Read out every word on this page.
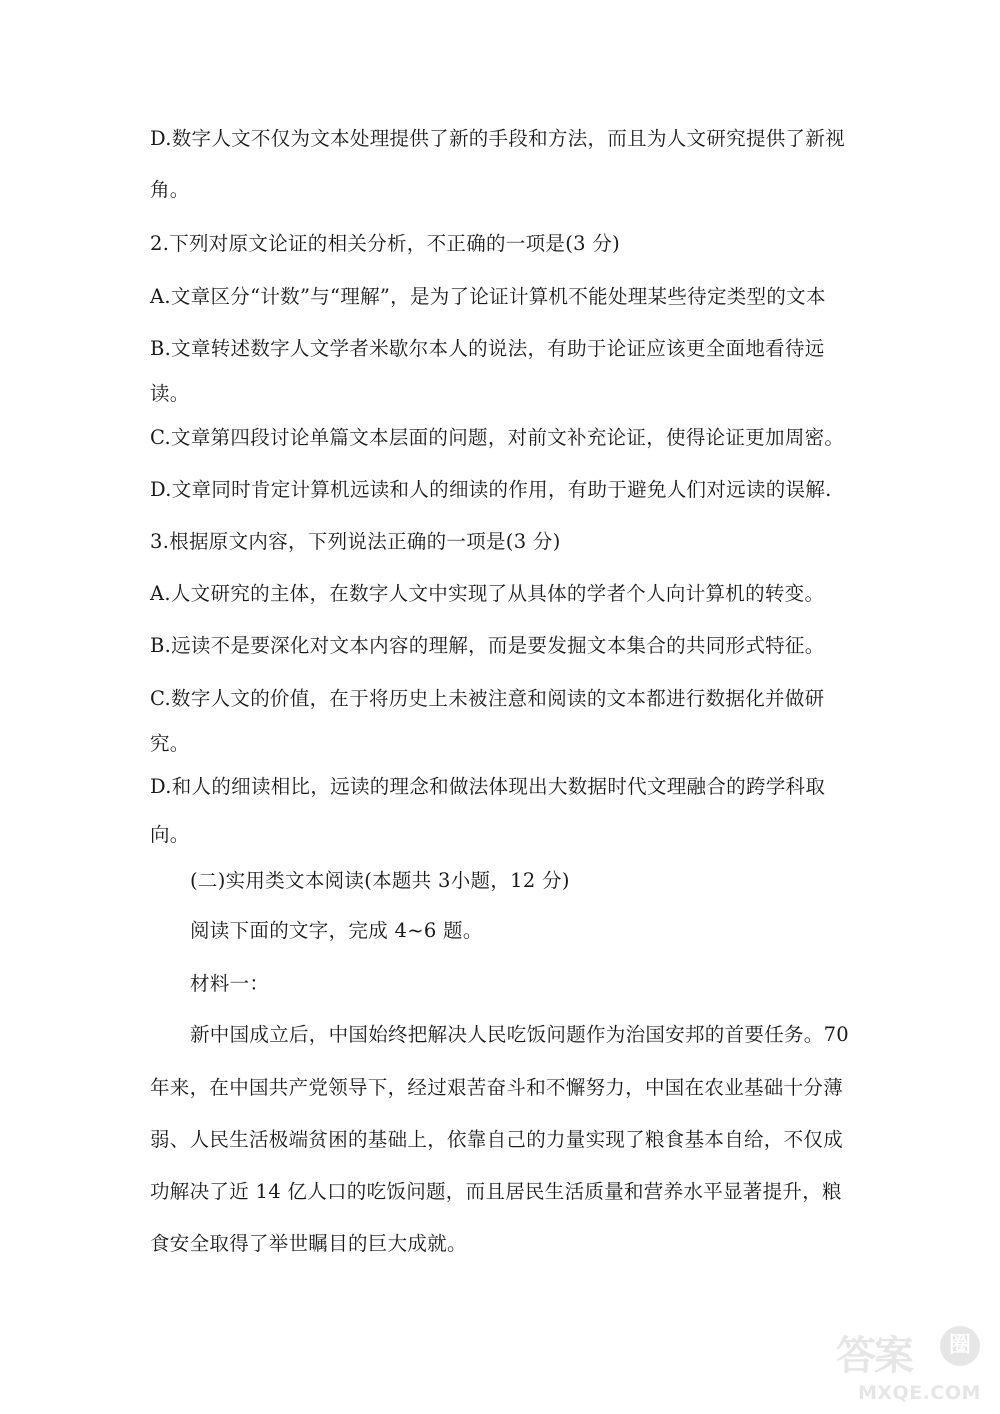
D.数字人文不仅为文本处理提供了新的手段和方法，而且为人文研究提供了新视
角。
2.下列对原文论证的相关分析，不正确的一项是(3 分)
A.文章区分“计数”与“理解”，是为了论证计算机不能处理某些待定类型的文本
B.文章转述数字人文学者米歇尔本人的说法，有助于论证应该更全面地看待远
读。
C.文章第四段讨论单篇文本层面的问题，对前文补充论证，使得论证更加周密。
D.文章同时肯定计算机远读和人的细读的作用，有助于避免人们对远读的误解.
3.根据原文内容，下列说法正确的一项是(3 分)
A.人文研究的主体，在数字人文中实现了从具体的学者个人向计算机的转变。
B.远读不是要深化对文本内容的理解，而是要发掘文本集合的共同形式特征。
C.数字人文的价值，在于将历史上未被注意和阅读的文本都进行数据化并做研
究。
D.和人的细读相比，远读的理念和做法体现出大数据时代文理融合的跨学科取
向。
(二)实用类文本阅读(本题共 3小题，12 分)
阅读下面的文字，完成 4~6 题。
材料一：
新中国成立后，中国始终把解决人民吃饭问题作为治国安邦的首要任务。70
年来，在中国共产党领导下，经过艰苦奋斗和不懈努力，中国在农业基础十分薄
弱、人民生活极端贫困的基础上，依靠自己的力量实现了粮食基本自给，不仅成
功解决了近 14 亿人口的吃饭问题，而且居民生活质量和营养水平显著提升，粮
食安全取得了举世瞩目的巨大成就。
答案	圈
MXQE.COM
